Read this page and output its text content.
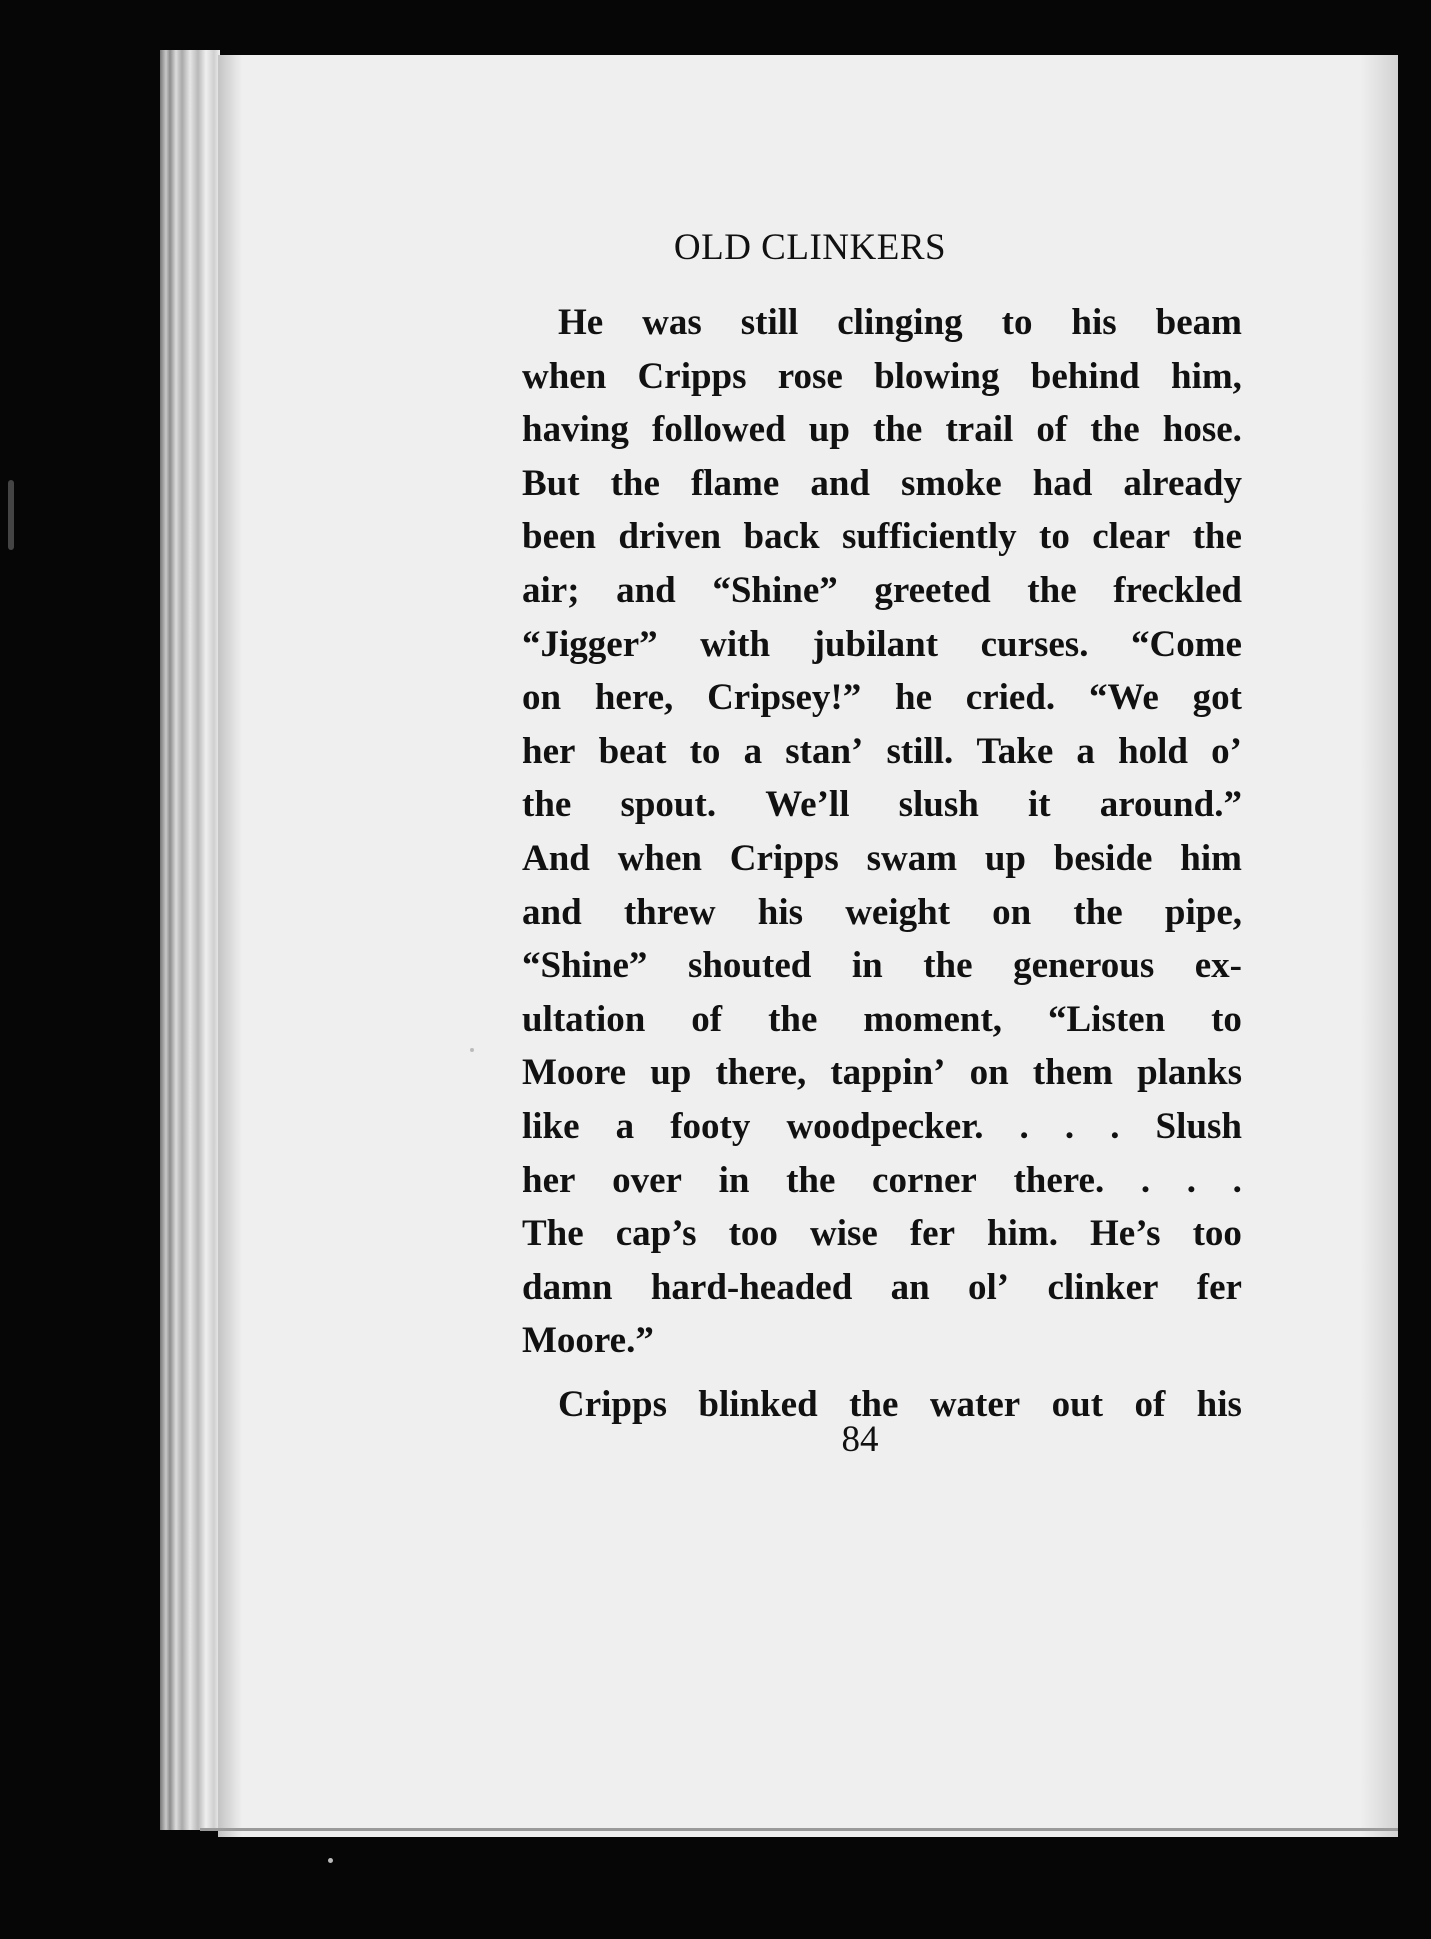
OLD CLINKERS
He was still clinging to his beam
when Cripps rose blowing behind him,
having followed up the trail of the hose.
But the flame and smoke had already
been driven back sufficiently to clear the
air; and “Shine” greeted the freckled
“Jigger” with jubilant curses. “Come
on here, Cripsey!” he cried. “We got
her beat to a stan’ still. Take a hold o’
the spout. We’ll slush it around.”
And when Cripps swam up beside him
and threw his weight on the pipe,
“Shine” shouted in the generous ex-
ultation of the moment, “Listen to
Moore up there, tappin’ on them planks
like a footy woodpecker. . . . Slush
her over in the corner there. . . .
The cap’s too wise fer him. He’s too
damn hard-headed an ol’ clinker fer
Moore.”
Cripps blinked the water out of his
84
